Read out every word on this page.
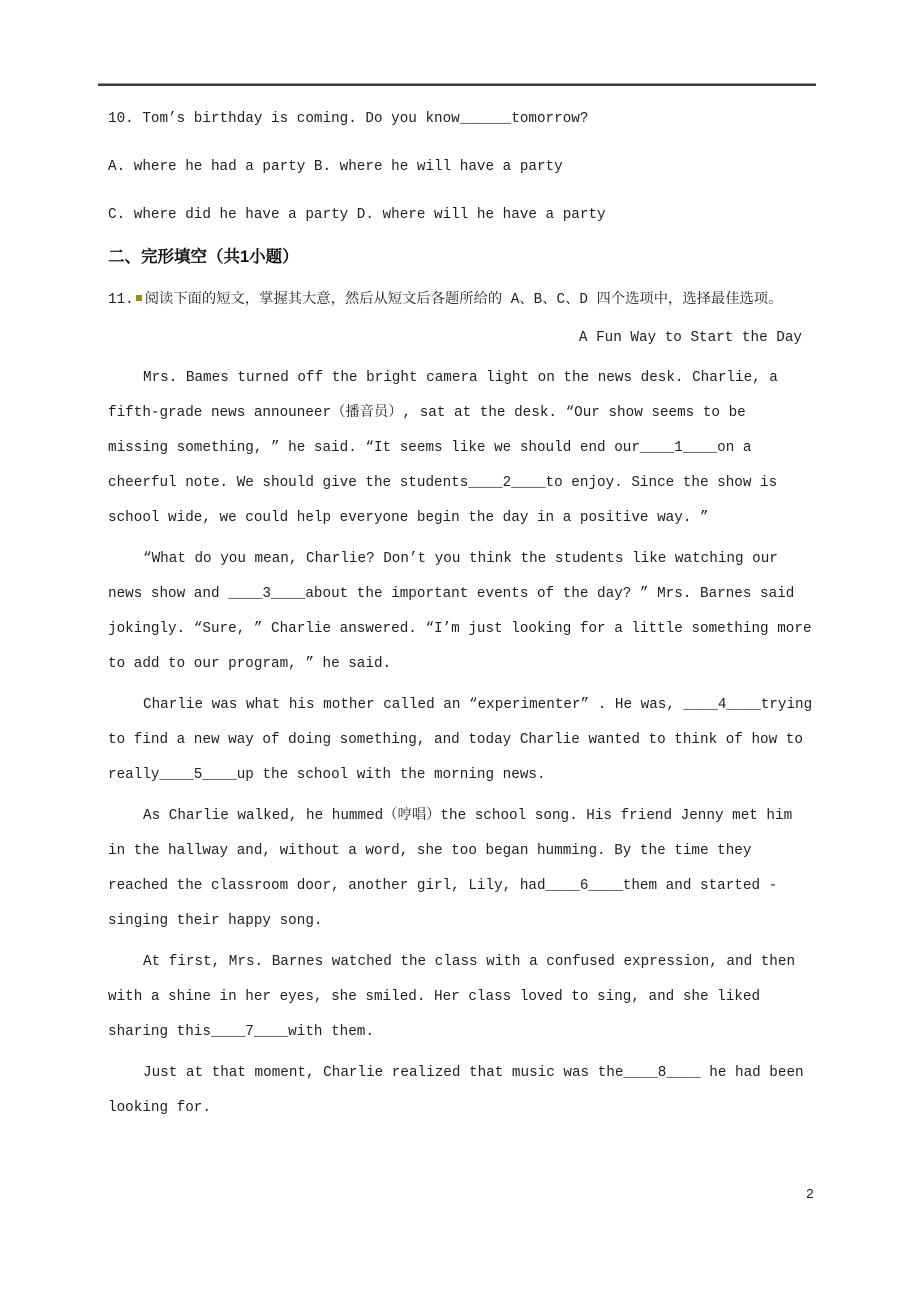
10. Tom’s birthday is coming. Do you know______tomorrow?

A. where he had a party B. where he will have a party

C. where did he have a party D. where will he have a party

二、完形填空（共1小题）

11. 阅读下面的短文，掌握其大意，然后从短文后各题所给的 A、B、C、D 四个选项中，选择最佳选项。

A Fun Way to Start the Day

Mrs. Bames turned off the bright camera light on the news desk. Charlie, a fifth-grade news announeer（播音员）, sat at the desk. “Our show seems to be missing something, ” he said. “It seems like we should end our____1____on a cheerful note. We should give the students____2____to enjoy. Since the show is school wide, we could help everyone begin the day in a positive way. ”

“What do you mean, Charlie? Don’t you think the students like watching our news show and ____3____about the important events of the day? ” Mrs. Barnes said jokingly. “Sure, ” Charlie answered. “I’m just looking for a little something more to add to our program, ” he said.

Charlie was what his mother called an “experimenter” . He was, ____4____trying to find a new way of doing something, and today Charlie wanted to think of how to really____5____up the school with the morning news.

As Charlie walked, he hummed（哼唱）the school song. His friend Jenny met him in the hallway and, without a word, she too began humming. By the time they reached the classroom door, another girl, Lily, had____6____them and started -singing their happy song.

At first, Mrs. Barnes watched the class with a confused expression, and then with a shine in her eyes, she smiled. Her class loved to sing, and she liked sharing this____7____with them.

Just at that moment, Charlie realized that music was the____8____ he had been looking for.

2
